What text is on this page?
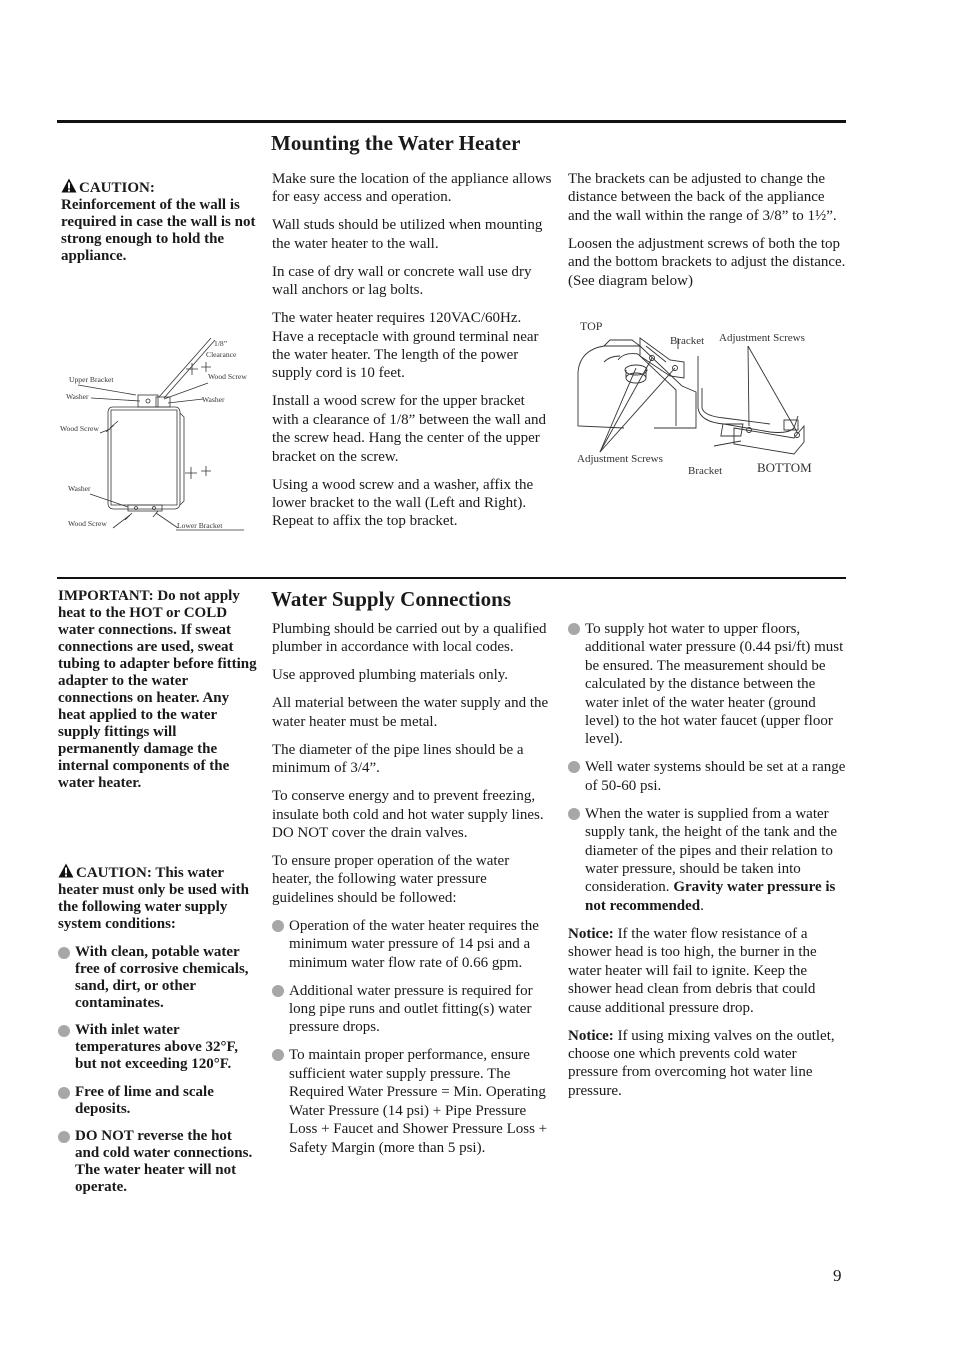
Mounting the Water Heater
CAUTION:

Reinforcement of the wall is required in case the wall is not strong enough to hold the appliance.

1/8”
Clearance
Wood Screw
Upper Bracket
Washer	Washer
Wood Screw
Washer
Wood Screw	Lower Bracket

Make sure the location of the appliance allows for easy access and operation.

Wall studs should be utilized when mounting the water heater to the wall.

In case of dry wall or concrete wall use dry wall anchors or lag bolts.

The water heater requires 120VAC/60Hz. Have a receptacle with ground terminal near the water heater. The length of the power supply cord is 10 feet.

Install a wood screw for the upper bracket with a clearance of 1/8” between the wall and the screw head. Hang the center of the upper bracket on the screw.

Using a wood screw and a washer, affix the lower bracket to the wall (Left and Right). Repeat to affix the top bracket.

The brackets can be adjusted to change the distance between the back of the appliance and the wall within the range of 3/8” to 1½”.

Loosen the adjustment screws of both the top and the bottom brackets to adjust the distance. (See diagram below)

TOP
BOTTOM
Bracket Adjustment Screws
Adjustment Screws
Bracket
Water Supply Connections

IMPORTANT: Do not apply heat to the HOT or COLD water connections. If sweat connections are used, sweat tubing to adapter before fitting adapter to the water connections on heater. Any heat applied to the water supply fittings will permanently damage the internal components of the water heater.

CAUTION: This water heater must only be used with the following water supply system conditions:

With clean, potable water free of corrosive chemicals, sand, dirt, or other contaminates.
With inlet water temperatures above 32°F, but not exceeding 120°F.
Free of lime and scale deposits.
DO NOT reverse the hot and cold water connections.  The water heater will not operate.

Plumbing should be carried out by a qualified plumber in accordance with local codes.

Use approved plumbing materials only.

All material between the water supply and the water heater must be metal.

The diameter of the pipe lines should be a minimum of 3/4”.

To conserve energy and to prevent freezing, insulate both cold and hot water supply lines. DO NOT cover the drain valves.

To ensure proper operation of the water heater, the following water pressure guidelines should be followed:

Operation of the water heater requires the minimum water pressure of 14 psi and a minimum water flow rate of 0.66 gpm.
Additional water pressure is required for long pipe runs and outlet fitting(s) water pressure drops.
To maintain proper performance, ensure sufficient water supply pressure. The Required Water Pressure = Min. Operating Water Pressure (14 psi) + Pipe Pressure Loss + Faucet and Shower Pressure Loss + Safety Margin (more than 5 psi).
To supply hot water to upper floors, additional water pressure (0.44 psi/ft) must be ensured. The measurement should be calculated by the distance between the water inlet of the water heater (ground level) to the hot water faucet (upper floor level).
Well water systems should be set at a range of 50-60 psi.
When the water is supplied from a water supply tank, the height of the tank and the diameter of the pipes and their relation to water pressure, should be taken into consideration. Gravity water pressure is not recommended.

Notice: If the water flow resistance of a shower head is too high, the burner in the water heater will fail to ignite. Keep the shower head clean from debris that could cause additional pressure drop.

Notice: If using mixing valves on the outlet, choose one which prevents cold water pressure from overcoming hot water line pressure.

9
